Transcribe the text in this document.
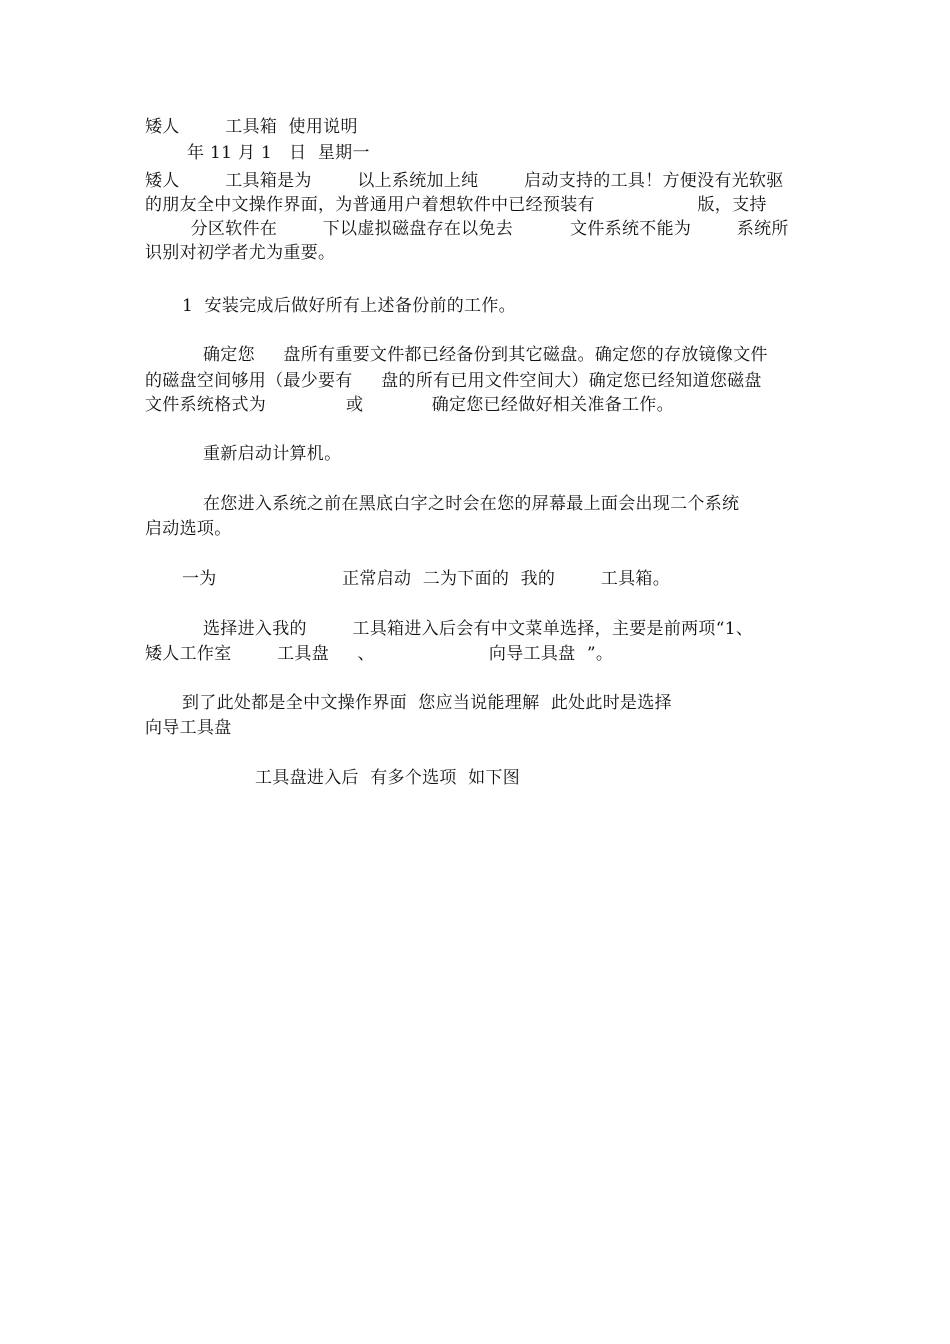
矮人        工具箱  使用说明
年 11 月 1   日  星期一
矮人        工具箱是为        以上系统加上纯        启动支持的工具！方便没有光软驱
的朋友全中文操作界面，为普通用户着想软件中已经预装有                  版，支持
分区软件在        下以虚拟磁盘存在以免去          文件系统不能为        系统所
识别对初学者尤为重要。
1  安装完成后做好所有上述备份前的工作。
确定您     盘所有重要文件都已经备份到其它磁盘。确定您的存放镜像文件
的磁盘空间够用（最少要有     盘的所有已用文件空间大）确定您已经知道您磁盘
文件系统格式为              或            确定您已经做好相关准备工作。
重新启动计算机。
在您进入系统之前在黑底白字之时会在您的屏幕最上面会出现二个系统
启动选项。
一为                      正常启动  二为下面的  我的        工具箱。
选择进入我的        工具箱进入后会有中文菜单选择，主要是前两项“1、
矮人工作室        工具盘     、                    向导工具盘  ”。
到了此处都是全中文操作界面  您应当说能理解  此处此时是选择
向导工具盘
工具盘进入后  有多个选项  如下图
